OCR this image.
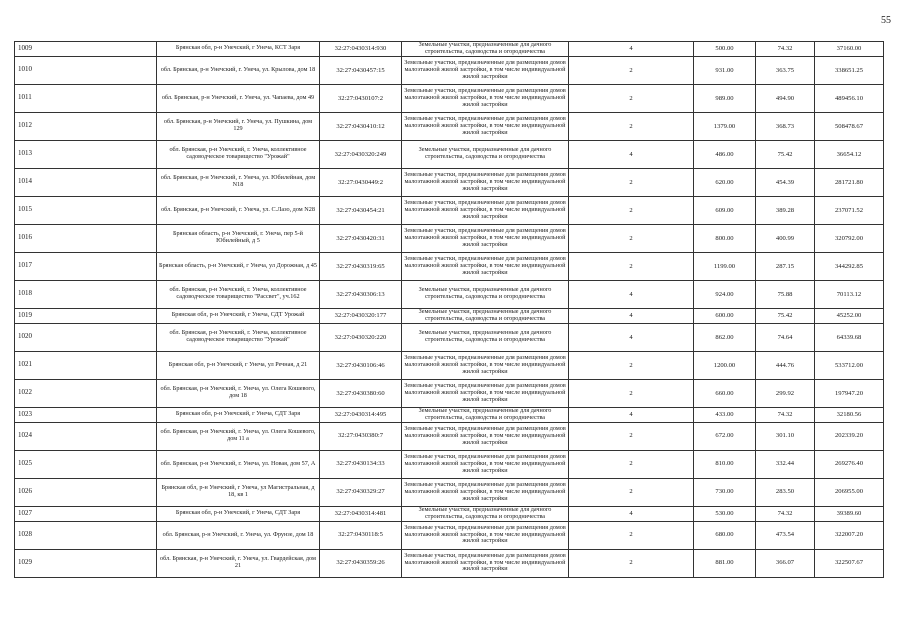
55
1009	Брянская обл, р-н Унечский, г Унеча, КСТ Заря	32:27:0430314:930	Земельные участки, предназначенные для дачного строительства, садоводства и огородничества	4	500.00	74.32	37160.00
1010	обл. Брянская, р-н Унечский, г. Унеча, ул. Крылова, дом 18	32:27:0430457:15	Земельные участки, предназначенные для размещения домов малоэтажной жилой застройки, в том числе индивидуальной жилой застройки	2	931.00	363.75	338651.25
1011	обл. Брянская, р-н Унечский, г. Унеча, ул. Чапаева, дом 49	32:27:0430107:2	Земельные участки, предназначенные для размещения домов малоэтажной жилой застройки, в том числе индивидуальной жилой застройки	2	989.00	494.90	489456.10
1012	обл. Брянская, р-н Унечский, г. Унеча, ул. Пушкина, дом 129	32:27:0430410:12	Земельные участки, предназначенные для размещения домов малоэтажной жилой застройки, в том числе индивидуальной жилой застройки	2	1379.00	368.73	508478.67
1013	обл. Брянская, р-н Унечский, г. Унеча, коллективное садоводческое товарищество "Урожай"	32:27:0430320:249	Земельные участки, предназначенные для дачного строительства, садоводства и огородничества	4	486.00	75.42	36654.12
1014	обл. Брянская, р-н Унечский, г. Унеча, ул. Юбилейная, дом N18	32:27:0430449:2	Земельные участки, предназначенные для размещения домов малоэтажной жилой застройки, в том числе индивидуальной жилой застройки	2	620.00	454.39	281721.80
1015	обл. Брянская, р-н Унечский, г. Унеча, ул. С.Лазо, дом N28	32:27:0430454:21	Земельные участки, предназначенные для размещения домов малоэтажной жилой застройки, в том числе индивидуальной жилой застройки	2	609.00	389.28	237071.52
1016	Брянская область, р-н Унечский, г. Унеча, пер 5-й Юбилейный, д 5	32:27:0430420:31	Земельные участки, предназначенные для размещения домов малоэтажной жилой застройки, в том числе индивидуальной жилой застройки	2	800.00	400.99	320792.00
1017	Брянская область, р-н Унечский, г Унеча, ул Дорожная, д 45	32:27:0430319:65	Земельные участки, предназначенные для размещения домов малоэтажной жилой застройки, в том числе индивидуальной жилой застройки	2	1199.00	287.15	344292.85
1018	обл. Брянская, р-н Унечский, г. Унеча, коллективное садоводческое товарищество "Рассвет", уч.162	32:27:0430306:13	Земельные участки, предназначенные для дачного строительства, садоводства и огородничества	4	924.00	75.88	70113.12
1019	Брянская обл, р-н Унечский, г Унеча, СДТ Урожай	32:27:0430320:177	Земельные участки, предназначенные для дачного строительства, садоводства и огородничества	4	600.00	75.42	45252.00
1020	обл. Брянская, р-н Унечский, г. Унеча, коллективное садоводческое товарищество "Урожай"	32:27:0430320:220	Земельные участки, предназначенные для дачного строительства, садоводства и огородничества	4	862.00	74.64	64339.68
1021	Брянская обл, р-н Унечский, г Унеча, ул Речная, д 21	32:27:0430106:46	Земельные участки, предназначенные для размещения домов малоэтажной жилой застройки, в том числе индивидуальной жилой застройки	2	1200.00	444.76	533712.00
1022	обл. Брянская, р-н Унечский, г. Унеча, ул. Олега Кошевого, дом 18	32:27:0430380:60	Земельные участки, предназначенные для размещения домов малоэтажной жилой застройки, в том числе индивидуальной жилой застройки	2	660.00	299.92	197947.20
1023	Брянская обл, р-н Унечский, г Унеча, СДТ Заря	32:27:0430314:495	Земельные участки, предназначенные для дачного строительства, садоводства и огородничества	4	433.00	74.32	32180.56
1024	обл. Брянская, р-н Унечский, г. Унеча, ул. Олега Кошевого, дом 11 а	32:27:0430380:7	Земельные участки, предназначенные для размещения домов малоэтажной жилой застройки, в том числе индивидуальной жилой застройки	2	672.00	301.10	202339.20
1025	обл. Брянская, р-н Унечский, г. Унеча, ул. Новая, дом 57, А	32:27:0430134:33	Земельные участки, предназначенные для размещения домов малоэтажной жилой застройки, в том числе индивидуальной жилой застройки	2	810.00	332.44	269276.40
1026	Брянская обл, р-н Унечский, г Унеча, ул Магистральная, д 18, кв 1	32:27:0430329:27	Земельные участки, предназначенные для размещения домов малоэтажной жилой застройки, в том числе индивидуальной жилой застройки	2	730.00	283.50	206955.00
1027	Брянская обл, р-н Унечский, г Унеча, СДТ Заря	32:27:0430314:481	Земельные участки, предназначенные для дачного строительства, садоводства и огородничества	4	530.00	74.32	39389.60
1028	обл. Брянская, р-н Унечский, г. Унеча, ул. Фрунзе, дом 18	32:27:0430118:5	Земельные участки, предназначенные для размещения домов малоэтажной жилой застройки, в том числе индивидуальной жилой застройки	2	680.00	473.54	322007.20
1029	обл. Брянская, р-н Унечский, г. Унеча, ул. Гвардейская, дом 21	32:27:0430359:26	Земельные участки, предназначенные для размещения домов малоэтажной жилой застройки, в том числе индивидуальной жилой застройки	2	881.00	366.07	322507.67
